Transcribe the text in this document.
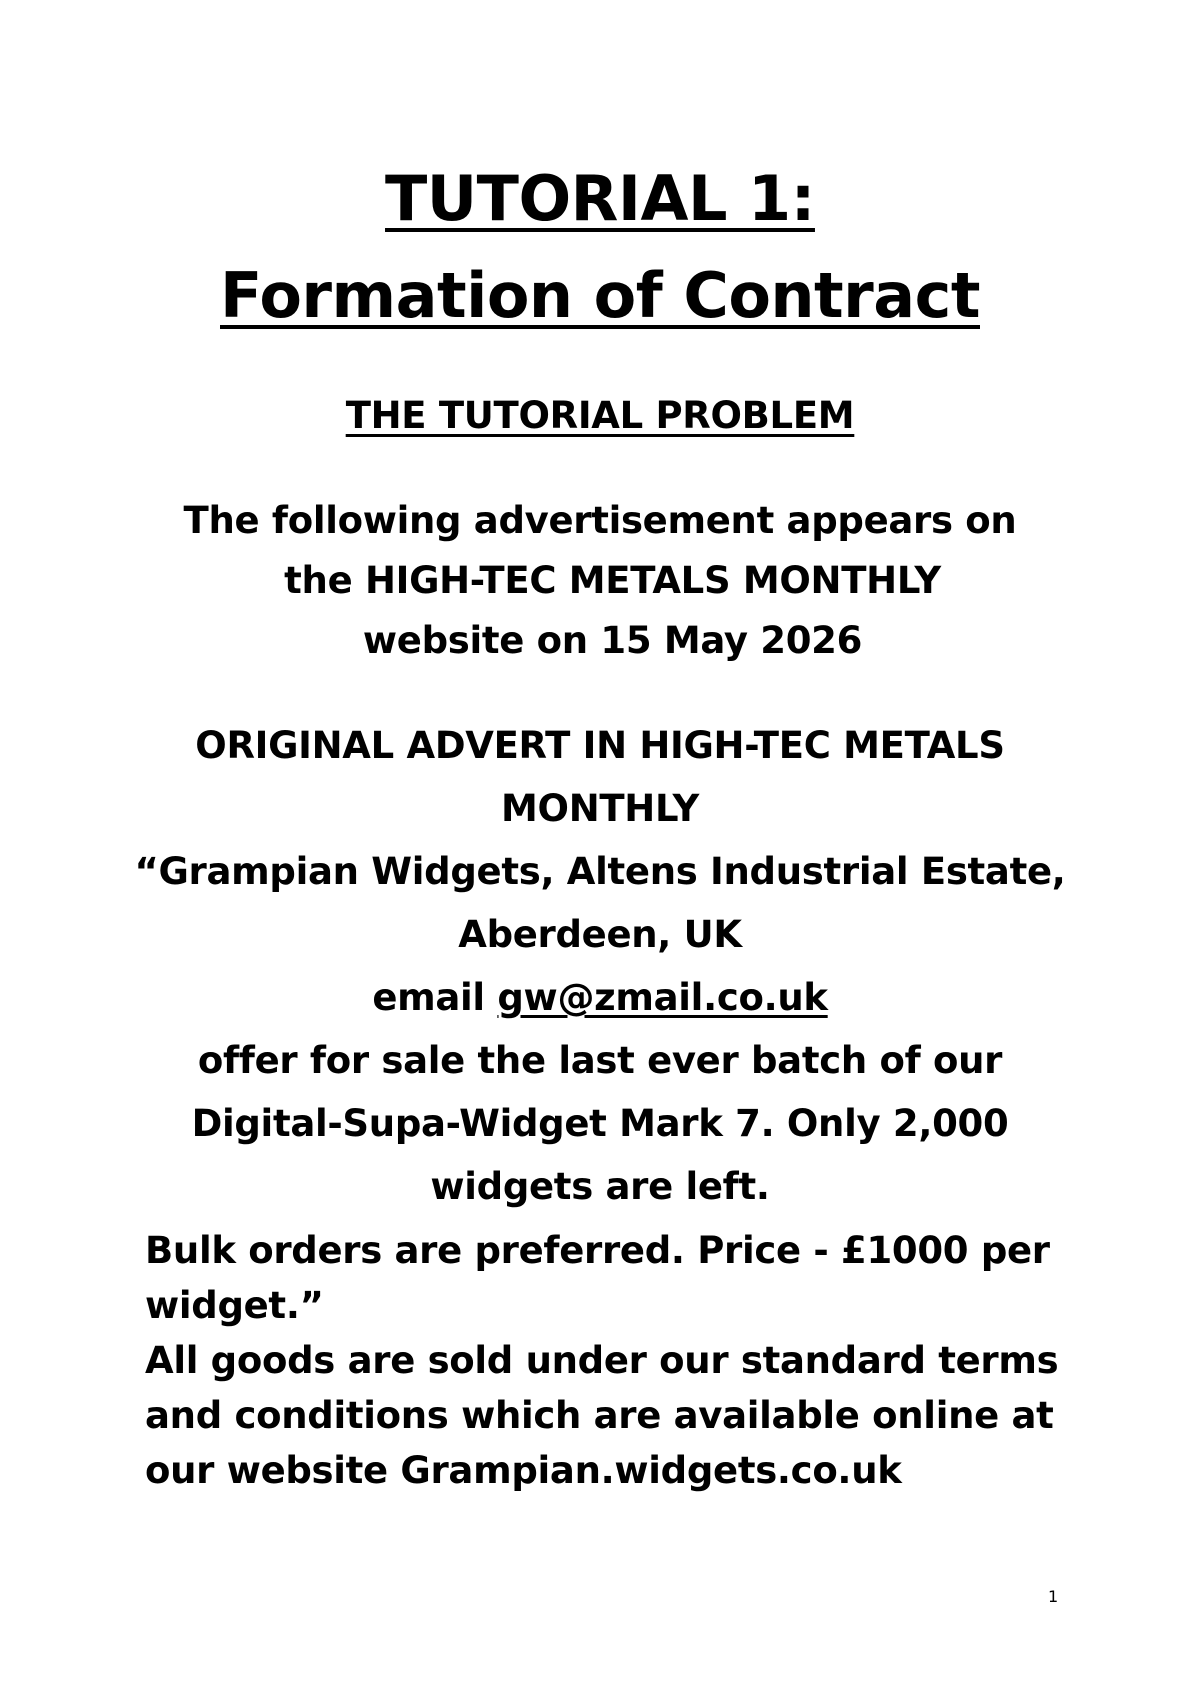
TUTORIAL 1:
Formation of Contract
THE TUTORIAL PROBLEM
The following advertisement appears on
the HIGH-TEC METALS MONTHLY
website on 15 May 2026
ORIGINAL ADVERT IN HIGH-TEC METALS
MONTHLY
“Grampian Widgets, Altens Industrial Estate,
Aberdeen, UK
email gw@zmail.co.uk
offer for sale the last ever batch of our
Digital-Supa-Widget Mark 7. Only 2,000
widgets are left.
Bulk orders are preferred. Price - £1000 per
widget.”
All goods are sold under our standard terms
and conditions which are available online at
our website Grampian.widgets.co.uk
1
